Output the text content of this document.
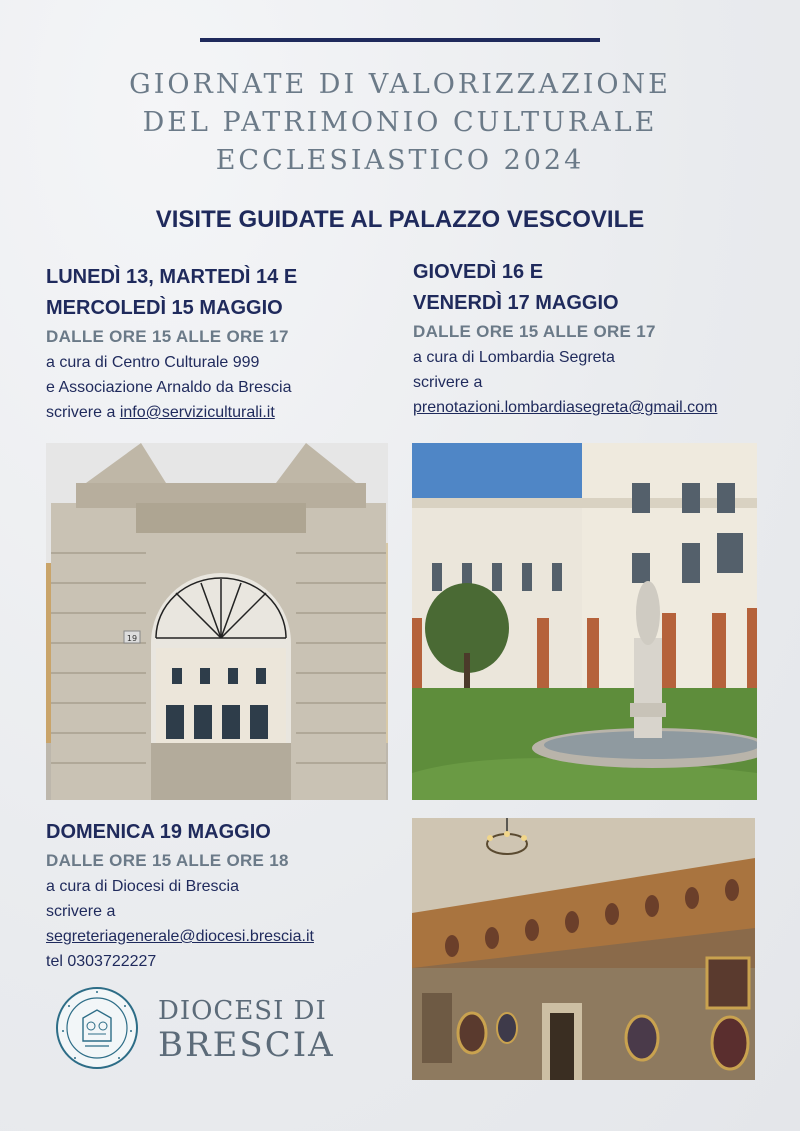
GIORNATE DI VALORIZZAZIONE
DEL PATRIMONIO CULTURALE
ECCLESIASTICO 2024
VISITE GUIDATE AL PALAZZO VESCOVILE
LUNEDÌ 13, MARTEDÌ 14 E
MERCOLEDÌ 15 MAGGIO
DALLE ORE 15 ALLE ORE 17
a cura di Centro Culturale 999
e Associazione Arnaldo da Brescia
scrivere a info@serviziculturali.it
GIOVEDÌ 16 E
VENERDÌ 17 MAGGIO
DALLE ORE 15 ALLE ORE 17
a cura di Lombardia Segreta
scrivere a
prenotazioni.lombardiasegreta@gmail.com
19
DOMENICA 19 MAGGIO
DALLE ORE 15 ALLE ORE 18
a cura di Diocesi di Brescia
scrivere a
segreteriagenerale@diocesi.brescia.it
tel 0303722227
DIOCESI DI
BRESCIA
